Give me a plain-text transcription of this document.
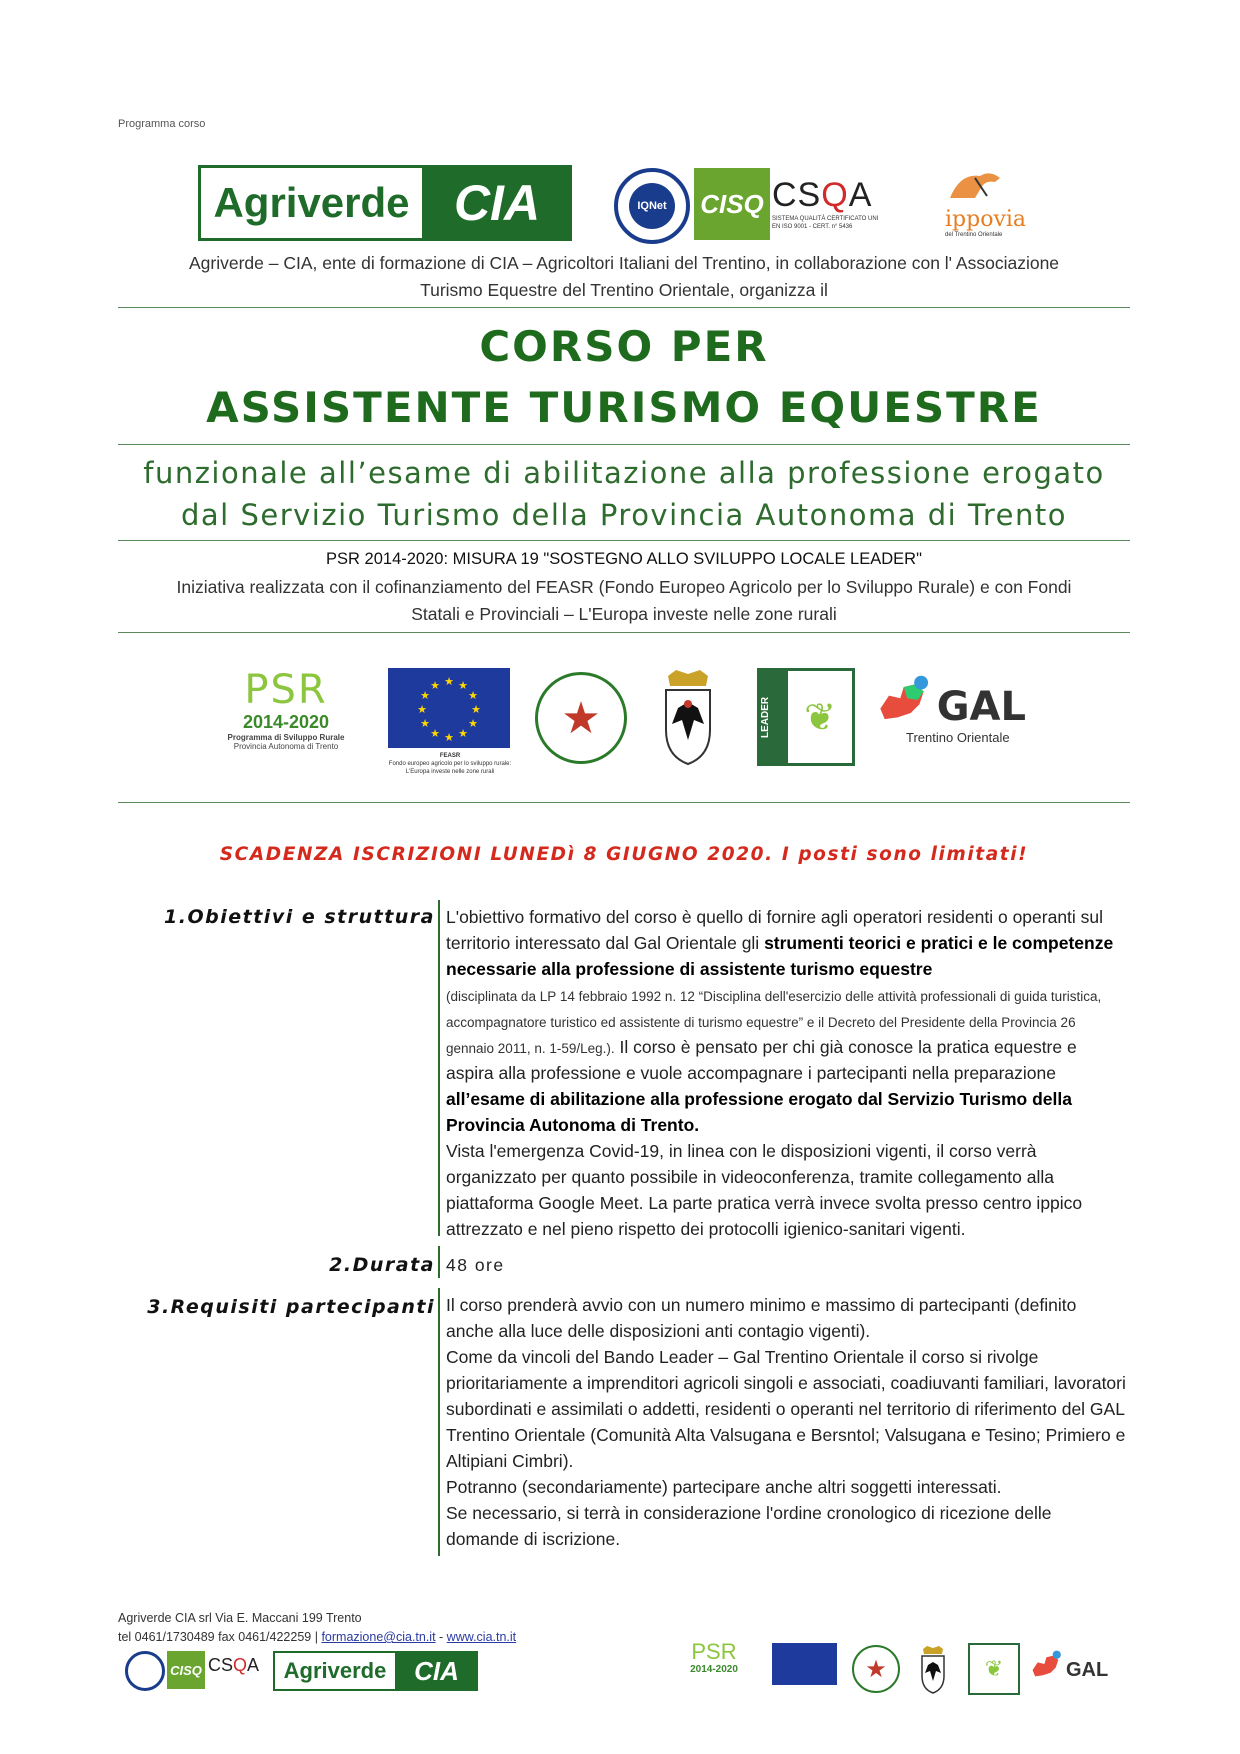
Programma corso
Agriverde CIA	IQNet	CISQ CSQA
SISTEMA QUALITÀ CERTIFICATO UNI EN ISO 9001 - CERT. n° 5436	ippovia
del Trentino Orientale
Agriverde – CIA, ente di formazione di CIA – Agricoltori Italiani del Trentino, in collaborazione con l' Associazione
Turismo Equestre del Trentino Orientale, organizza il
CORSO PER
ASSISTENTE TURISMO EQUESTRE
funzionale all’esame di abilitazione alla professione erogato
dal Servizio Turismo della Provincia Autonoma di Trento
PSR 2014-2020: MISURA 19 "SOSTEGNO ALLO SVILUPPO LOCALE LEADER"
Iniziativa realizzata con il cofinanziamento del FEASR (Fondo Europeo Agricolo per lo Sviluppo Rurale) e con Fondi
Statali e Provinciali – L'Europa investe nelle zone rurali
PSR
2014-2020
Programma di Sviluppo Rurale
Provincia Autonoma di Trento
★ ★
★
★
★
★
★
★
★
★
★
★
FEASR
Fondo europeo agricolo per lo sviluppo rurale: L'Europa investe nelle zone rurali
★	LEADER ❦	GAL
Trentino Orientale
SCADENZA ISCRIZIONI LUNEDì 8 GIUGNO 2020. I posti sono limitati!
1.Obiettivi e struttura L'obiettivo formativo del corso è quello di fornire agli operatori residenti o operanti sul territorio interessato dal Gal Orientale gli strumenti teorici e pratici e le competenze necessarie alla professione di assistente turismo equestre
(disciplinata da LP 14 febbraio 1992 n. 12 “Disciplina dell'esercizio delle attività professionali di guida turistica, accompagnatore turistico ed assistente di turismo equestre” e il Decreto del Presidente della Provincia 26 gennaio 2011, n. 1-59/Leg.). Il corso è pensato per chi già conosce la pratica equestre e aspira alla professione e vuole accompagnare i partecipanti nella preparazione all’esame di abilitazione alla professione erogato dal Servizio Turismo della Provincia Autonoma di Trento.
Vista l'emergenza Covid-19, in linea con le disposizioni vigenti, il corso verrà organizzato per quanto possibile in videoconferenza, tramite collegamento alla piattaforma Google Meet. La parte pratica verrà invece svolta presso centro ippico attrezzato e nel pieno rispetto dei protocolli igienico-sanitari vigenti.
2.Durata 48 ore
3.Requisiti partecipanti Il corso prenderà avvio con un numero minimo e massimo di partecipanti (definito anche alla luce delle disposizioni anti contagio vigenti).
Come da vincoli del Bando Leader – Gal Trentino Orientale il corso si rivolge prioritariamente a imprenditori agricoli singoli e associati, coadiuvanti familiari, lavoratori subordinati e assimilati o addetti, residenti o operanti nel territorio di riferimento del GAL Trentino Orientale (Comunità Alta Valsugana e Bersntol; Valsugana e Tesino; Primiero e Altipiani Cimbri).
Potranno (secondariamente) partecipare anche altri soggetti interessati.
Se necessario, si terrà in considerazione l'ordine cronologico di ricezione delle domande di iscrizione.
Agriverde CIA srl Via E. Maccani 199 Trento
tel 0461/1730489 fax 0461/422259 | formazione@cia.tn.it - www.cia.tn.it
CISQ CSQA	Agriverde	CIA
PSR
2014-2020	★	❦	GAL
